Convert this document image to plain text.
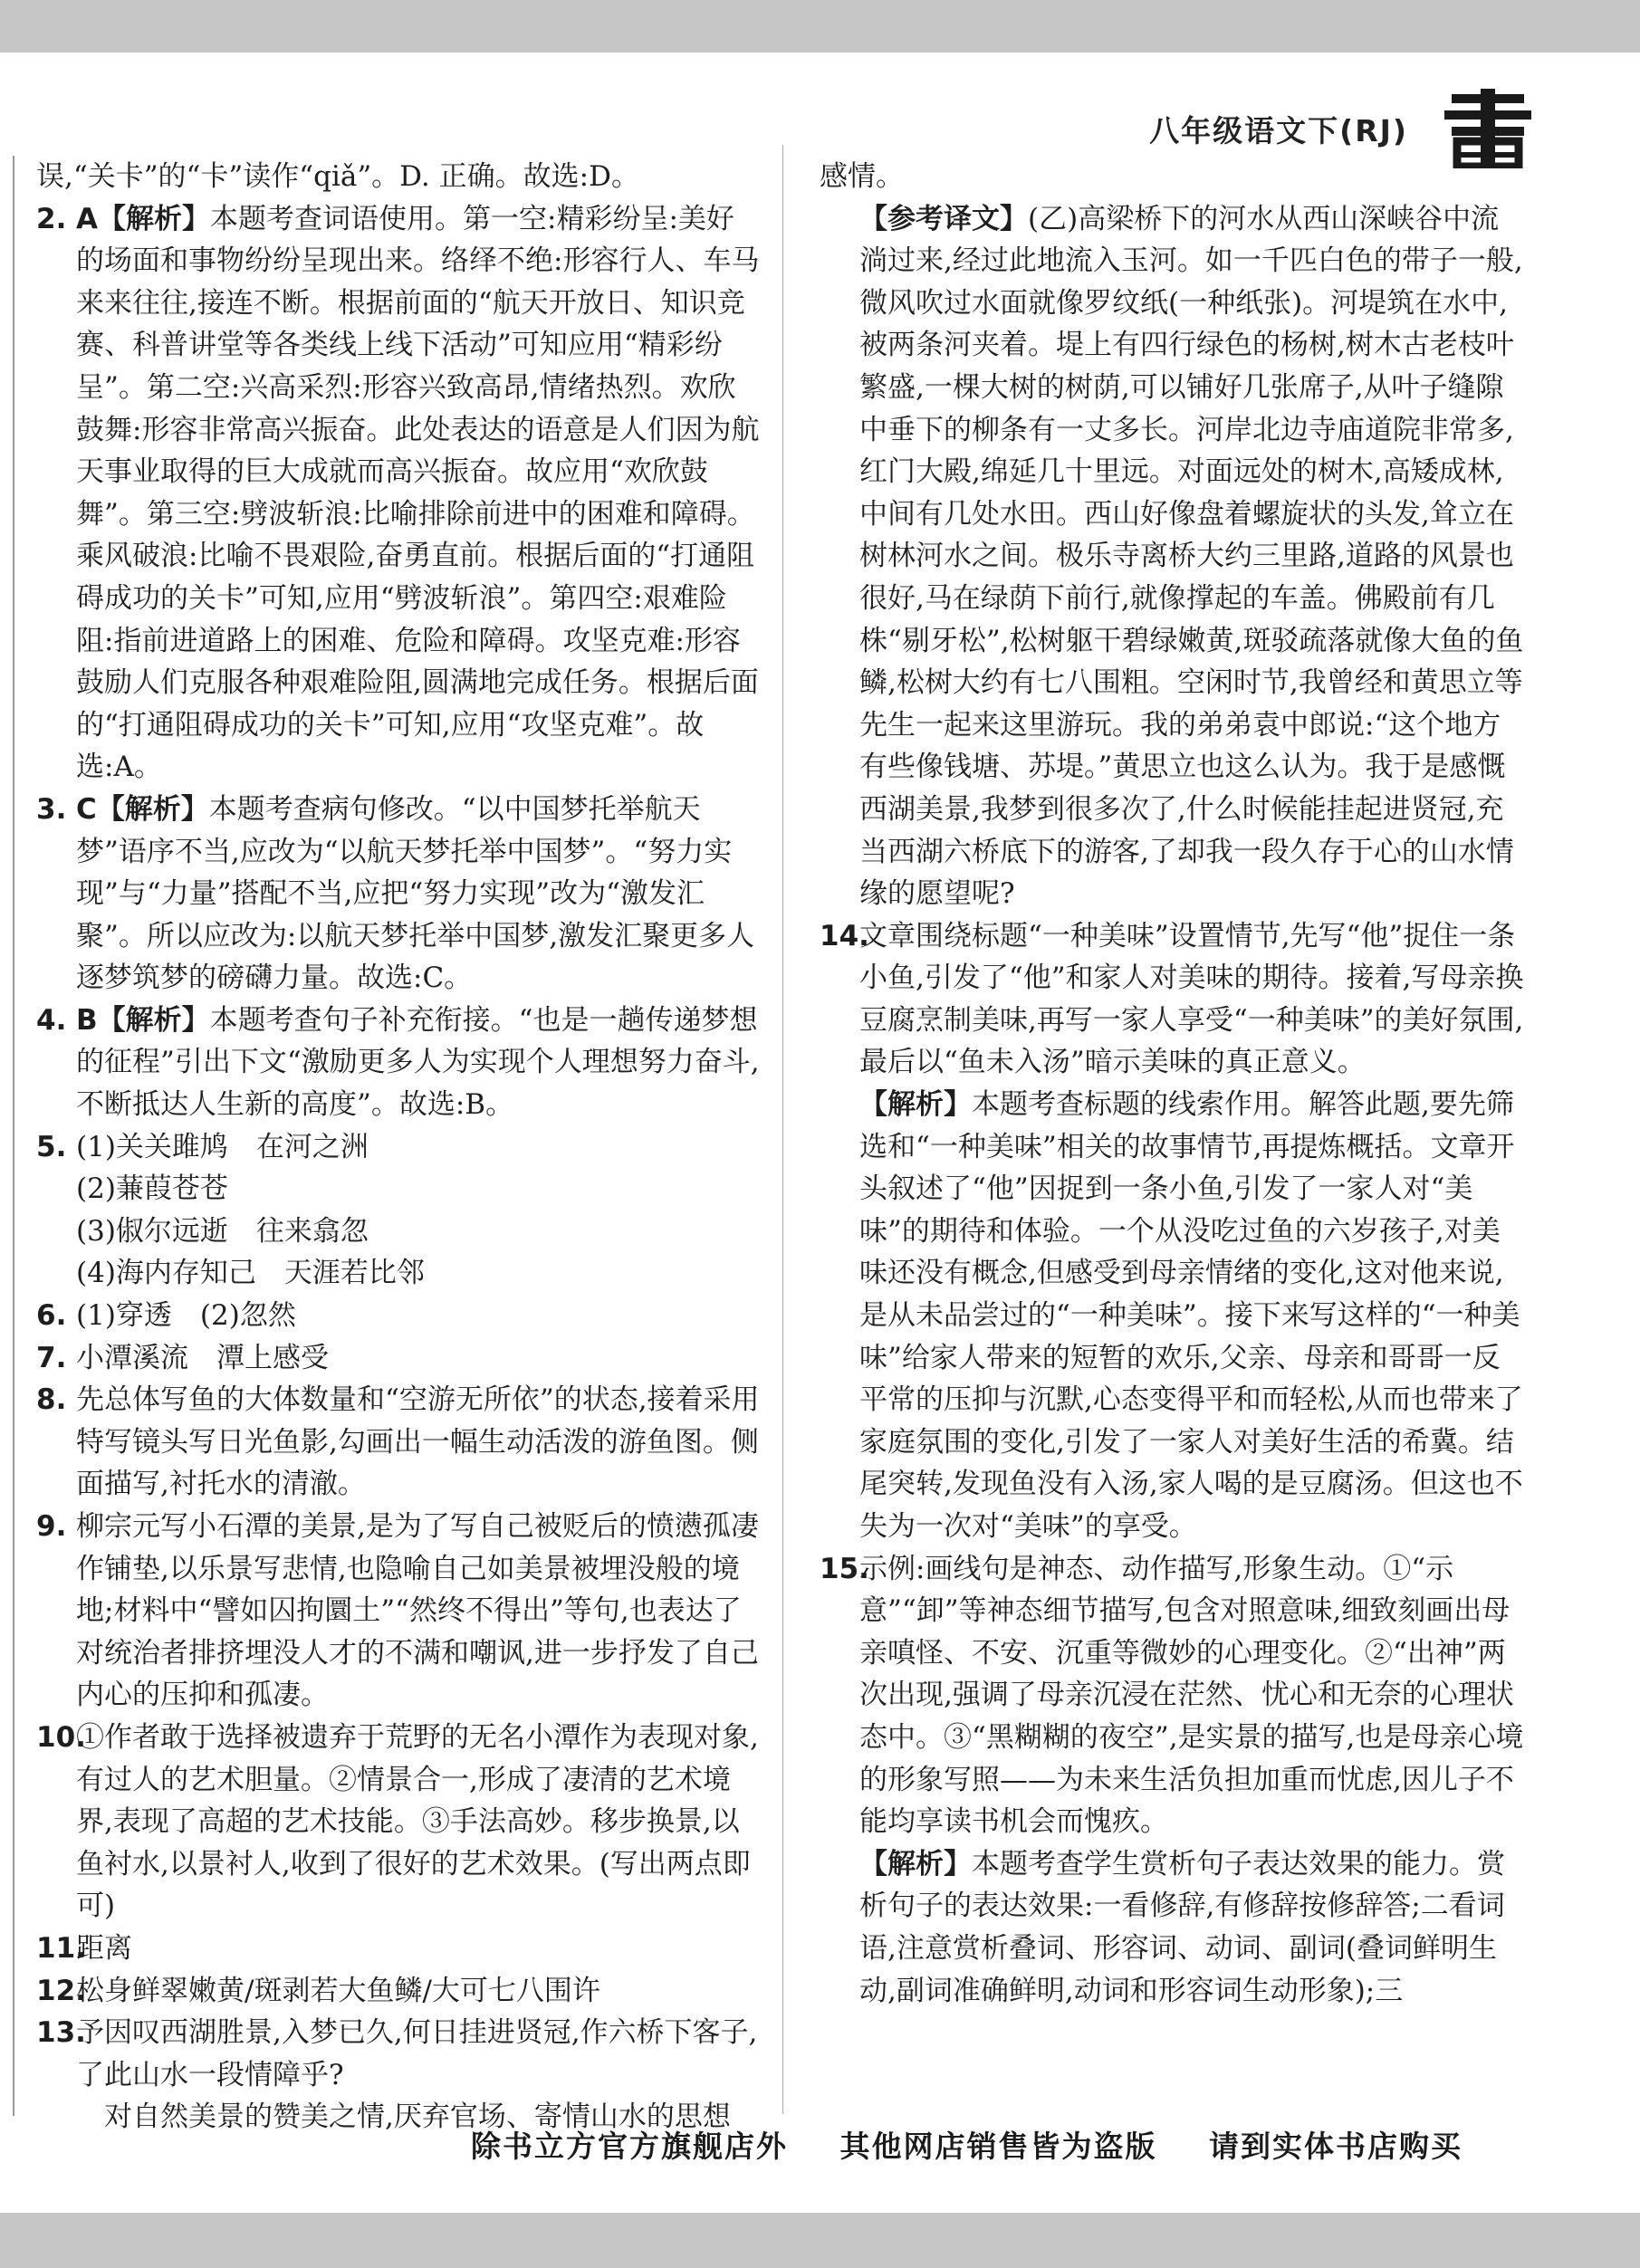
八年级语文下(RJ)
误,“关卡”的“卡”读作“qiǎ”。D. 正确。故选:D。
2. A【解析】本题考查词语使用。第一空:精彩纷呈:美好的场面和事物纷纷呈现出来。络绎不绝:形容行人、车马来来往往,接连不断。根据前面的“航天开放日、知识竞赛、科普讲堂等各类线上线下活动”可知应用“精彩纷呈”。第二空:兴高采烈:形容兴致高昂,情绪热烈。欢欣鼓舞:形容非常高兴振奋。此处表达的语意是人们因为航天事业取得的巨大成就而高兴振奋。故应用“欢欣鼓舞”。第三空:劈波斩浪:比喻排除前进中的困难和障碍。乘风破浪:比喻不畏艰险,奋勇直前。根据后面的“打通阻碍成功的关卡”可知,应用“劈波斩浪”。第四空:艰难险阻:指前进道路上的困难、危险和障碍。攻坚克难:形容鼓励人们克服各种艰难险阻,圆满地完成任务。根据后面的“打通阻碍成功的关卡”可知,应用“攻坚克难”。故选:A。
3. C【解析】本题考查病句修改。“以中国梦托举航天梦”语序不当,应改为“以航天梦托举中国梦”。“努力实现”与“力量”搭配不当,应把“努力实现”改为“激发汇聚”。所以应改为:以航天梦托举中国梦,激发汇聚更多人逐梦筑梦的磅礴力量。故选:C。
4. B【解析】本题考查句子补充衔接。“也是一趟传递梦想的征程”引出下文“激励更多人为实现个人理想努力奋斗,不断抵达人生新的高度”。故选:B。
5. (1)关关雎鸠　在河之洲
(2)蒹葭苍苍
(3)俶尔远逝　往来翕忽
(4)海内存知己　天涯若比邻
6. (1)穿透　(2)忽然
7. 小潭溪流　潭上感受
8. 先总体写鱼的大体数量和“空游无所依”的状态,接着采用特写镜头写日光鱼影,勾画出一幅生动活泼的游鱼图。侧面描写,衬托水的清澈。
9. 柳宗元写小石潭的美景,是为了写自己被贬后的愤懑孤凄作铺垫,以乐景写悲情,也隐喻自己如美景被埋没般的境地;材料中“譬如囚拘圜土”“然终不得出”等句,也表达了对统治者排挤埋没人才的不满和嘲讽,进一步抒发了自己内心的压抑和孤凄。
10.
①作者敢于选择被遗弃于荒野的无名小潭作为表现对象,有过人的艺术胆量。②情景合一,形成了凄清的艺术境界,表现了高超的艺术技能。③手法高妙。移步换景,以鱼衬水,以景衬人,收到了很好的艺术效果。(写出两点即可)
11.
距离
12.
松身鲜翠嫩黄/斑剥若大鱼鳞/大可七八围许
13.
予因叹西湖胜景,入梦已久,何日挂进贤冠,作六桥下客子,了此山水一段情障乎?
　对自然美景的赞美之情,厌弃官场、寄情山水的思想
感情。
【参考译文】(乙)高梁桥下的河水从西山深峡谷中流淌过来,经过此地流入玉河。如一千匹白色的带子一般,微风吹过水面就像罗纹纸(一种纸张)。河堤筑在水中,被两条河夹着。堤上有四行绿色的杨树,树木古老枝叶繁盛,一棵大树的树荫,可以铺好几张席子,从叶子缝隙中垂下的柳条有一丈多长。河岸北边寺庙道院非常多,红门大殿,绵延几十里远。对面远处的树木,高矮成林,中间有几处水田。西山好像盘着螺旋状的头发,耸立在树林河水之间。极乐寺离桥大约三里路,道路的风景也很好,马在绿荫下前行,就像撑起的车盖。佛殿前有几株“剔牙松”,松树躯干碧绿嫩黄,斑驳疏落就像大鱼的鱼鳞,松树大约有七八围粗。空闲时节,我曾经和黄思立等先生一起来这里游玩。我的弟弟袁中郎说:“这个地方有些像钱塘、苏堤。”黄思立也这么认为。我于是感慨西湖美景,我梦到很多次了,什么时候能挂起进贤冠,充当西湖六桥底下的游客,了却我一段久存于心的山水情缘的愿望呢?
14.
文章围绕标题“一种美味”设置情节,先写“他”捉住一条小鱼,引发了“他”和家人对美味的期待。接着,写母亲换豆腐烹制美味,再写一家人享受“一种美味”的美好氛围,最后以“鱼未入汤”暗示美味的真正意义。
【解析】本题考查标题的线索作用。解答此题,要先筛选和“一种美味”相关的故事情节,再提炼概括。文章开头叙述了“他”因捉到一条小鱼,引发了一家人对“美味”的期待和体验。一个从没吃过鱼的六岁孩子,对美味还没有概念,但感受到母亲情绪的变化,这对他来说,是从未品尝过的“一种美味”。接下来写这样的“一种美味”给家人带来的短暂的欢乐,父亲、母亲和哥哥一反平常的压抑与沉默,心态变得平和而轻松,从而也带来了家庭氛围的变化,引发了一家人对美好生活的希冀。结尾突转,发现鱼没有入汤,家人喝的是豆腐汤。但这也不失为一次对“美味”的享受。
15.
示例:画线句是神态、动作描写,形象生动。①“示意”“卸”等神态细节描写,包含对照意味,细致刻画出母亲嗔怪、不安、沉重等微妙的心理变化。②“出神”两次出现,强调了母亲沉浸在茫然、忧心和无奈的心理状态中。③“黑糊糊的夜空”,是实景的描写,也是母亲心境的形象写照——为未来生活负担加重而忧虑,因儿子不能均享读书机会而愧疚。
【解析】本题考查学生赏析句子表达效果的能力。赏析句子的表达效果:一看修辞,有修辞按修辞答;二看词语,注意赏析叠词、形容词、动词、副词(叠词鲜明生动,副词准确鲜明,动词和形容词生动形象);三
除书立方官方旗舰店外 其他网店销售皆为盗版 请到实体书店购买
